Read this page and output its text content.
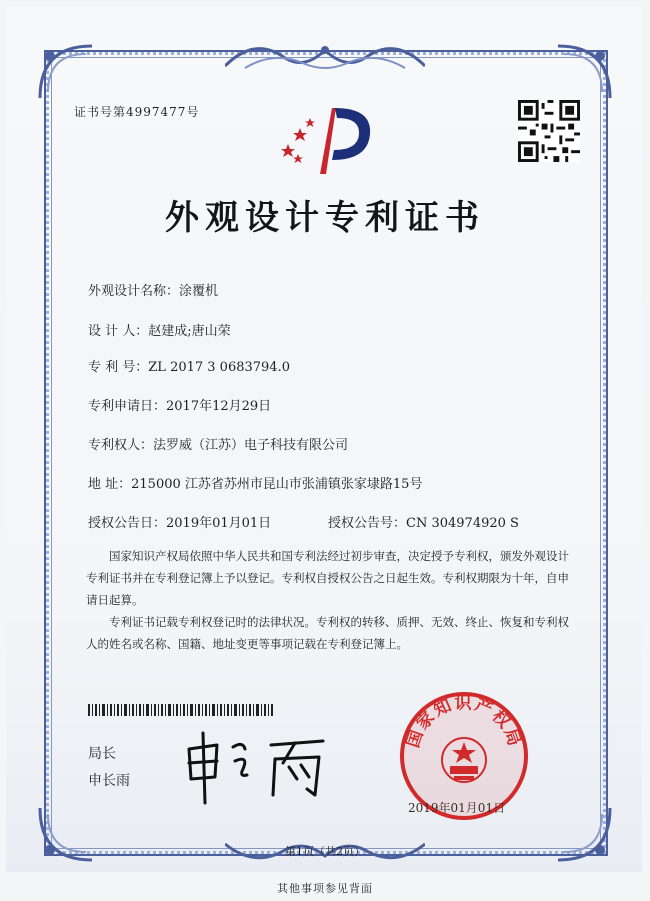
证书号第4997477号
外观设计专利证书
外观设计名称：涂覆机
设 计 人：赵建成;唐山荣
专 利 号：ZL 2017 3 0683794.0
专利申请日：2017年12月29日
专利权人：法罗威（江苏）电子科技有限公司
地 址：215000 江苏省苏州市昆山市张浦镇张家埭路15号
授权公告日：2019年01月01日	授权公告号：CN 304974920 S

国家知识产权局依照中华人民共和国专利法经过初步审查，决定授予专利权，颁发外观设计专利证书并在专利登记簿上予以登记。专利权自授权公告之日起生效。专利权期限为十年，自申请日起算。

专利证书记载专利权登记时的法律状况。专利权的转移、质押、无效、终止、恢复和专利权人的姓名或名称、国籍、地址变更等事项记载在专利登记簿上。

局长
申长雨
国家知识产权局
2019年01月01日
第1页（共2页）
其他事项参见背面
